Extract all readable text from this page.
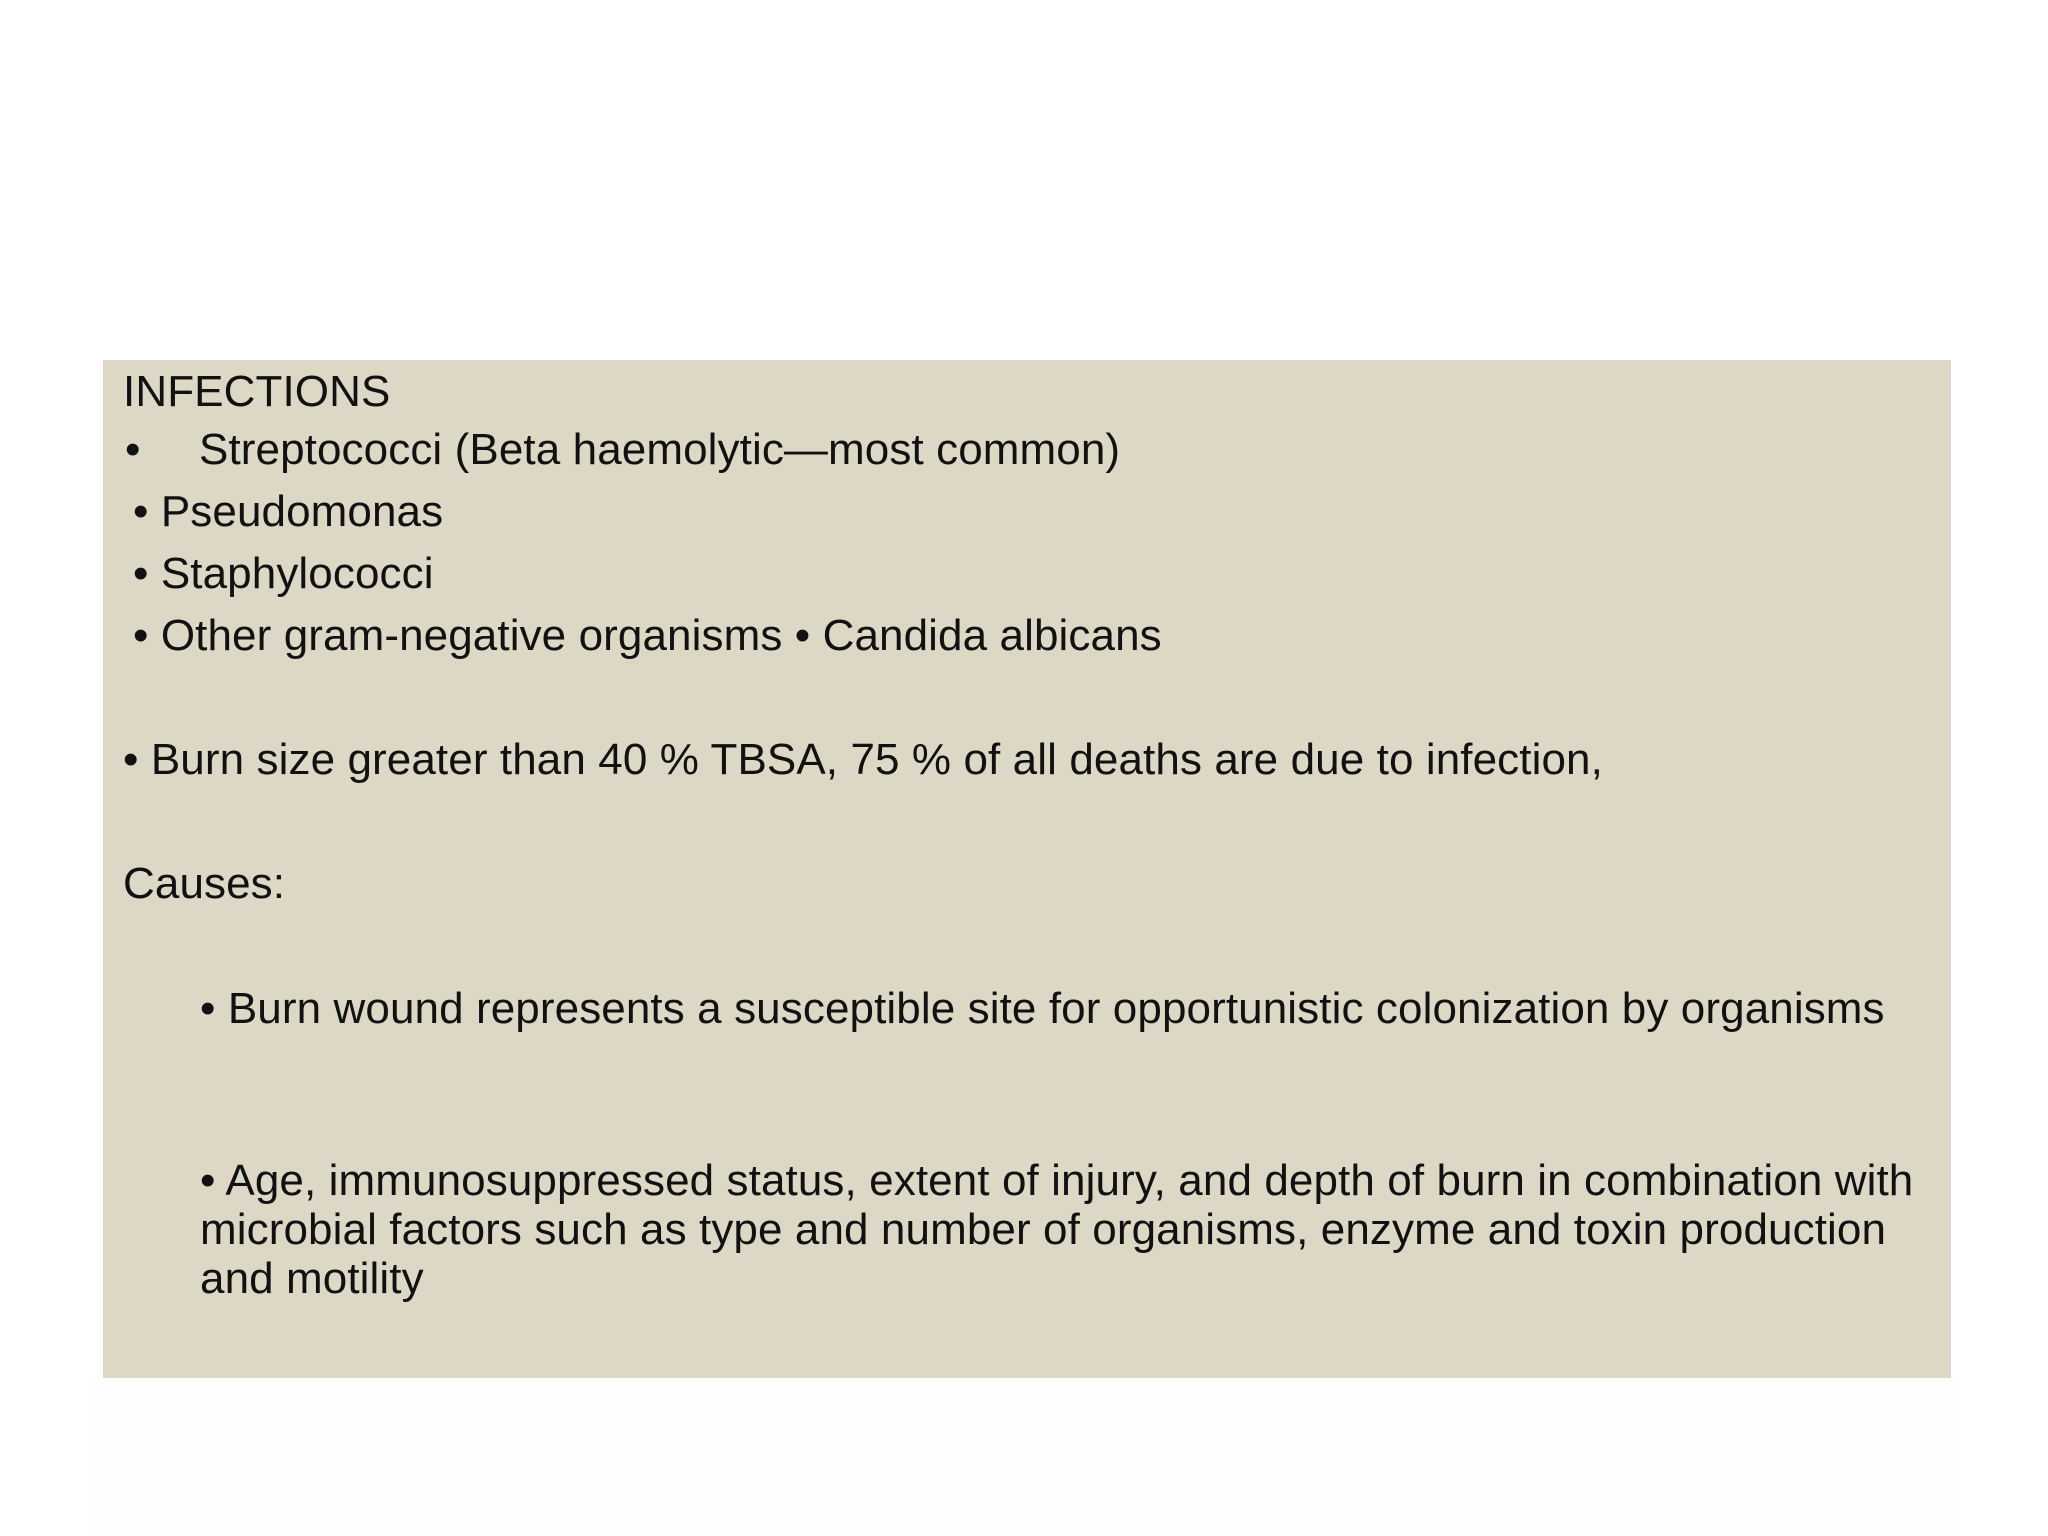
INFECTIONS
• Streptococci (Beta haemolytic—most common)
• Pseudomonas
• Staphylococci
• Other gram-negative organisms • Candida albicans
• Burn size greater than 40 % TBSA, 75 % of all deaths are due to infection,
Causes:
• Burn wound represents a susceptible site for opportunistic colonization by organisms
• Age, immunosuppressed status, extent of injury, and depth of burn in combination with microbial factors such as type and number of organisms, enzyme and toxin production and motility
